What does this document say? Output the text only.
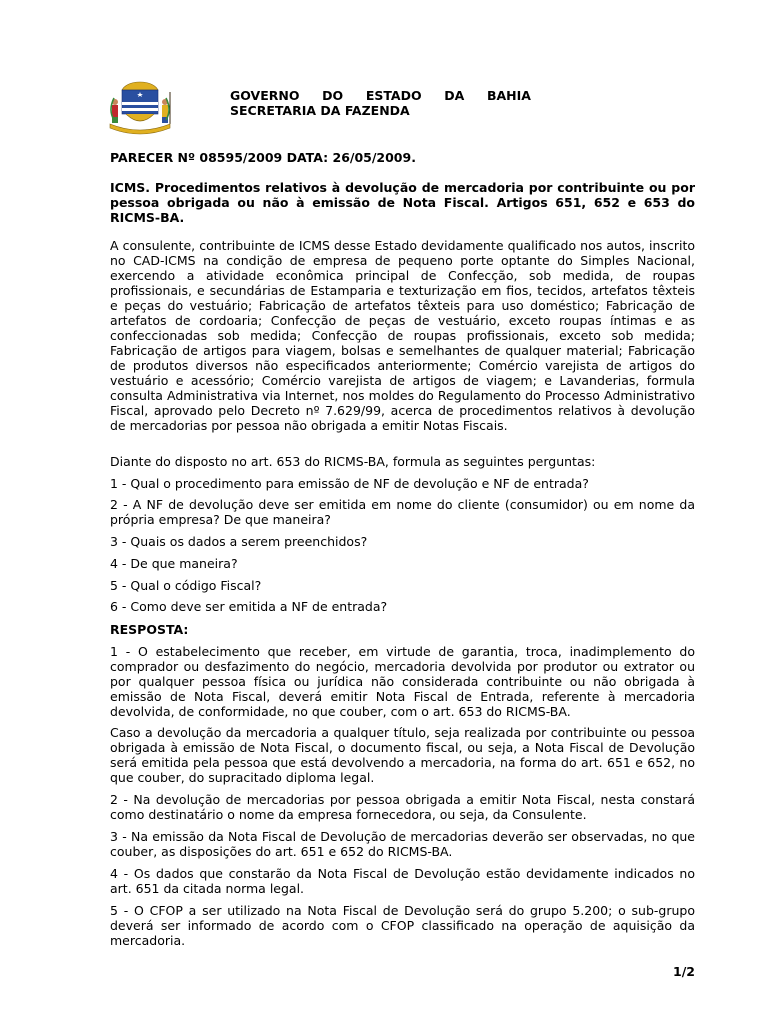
GOVERNO DO ESTADO DA BAHIA
SECRETARIA DA FAZENDA
PARECER Nº 08595/2009 DATA: 26/05/2009.
ICMS. Procedimentos relativos à devolução de mercadoria por contribuinte ou por pessoa obrigada ou não à emissão de Nota Fiscal. Artigos 651, 652 e 653 do RICMS-BA.
A consulente, contribuinte de ICMS desse Estado devidamente qualificado nos autos, inscrito no CAD-ICMS na condição de empresa de pequeno porte optante do Simples Nacional, exercendo a atividade econômica principal de Confecção, sob medida, de roupas profissionais, e secundárias de Estamparia e texturização em fios, tecidos, artefatos têxteis e peças do vestuário; Fabricação de artefatos têxteis para uso doméstico; Fabricação de artefatos de cordoaria; Confecção de peças de vestuário, exceto roupas íntimas e as confeccionadas sob medida; Confecção de roupas profissionais, exceto sob medida; Fabricação de artigos para viagem, bolsas e semelhantes de qualquer material; Fabricação de produtos diversos não especificados anteriormente; Comércio varejista de artigos do vestuário e acessório; Comércio varejista de artigos de viagem; e Lavanderias, formula consulta Administrativa via Internet, nos moldes do Regulamento do Processo Administrativo Fiscal, aprovado pelo Decreto nº 7.629/99, acerca de procedimentos relativos à devolução de mercadorias por pessoa não obrigada a emitir Notas Fiscais.
Diante do disposto no art. 653 do RICMS-BA, formula as seguintes perguntas:
1 - Qual o procedimento para emissão de NF de devolução e NF de entrada?
2 - A NF de devolução deve ser emitida em nome do cliente (consumidor) ou em nome da própria empresa? De que maneira?
3 - Quais os dados a serem preenchidos?
4 - De que maneira?
5 - Qual o código Fiscal?
6 - Como deve ser emitida a NF de entrada?
RESPOSTA:
1 - O estabelecimento que receber, em virtude de garantia, troca, inadimplemento do comprador ou desfazimento do negócio, mercadoria devolvida por produtor ou extrator ou por qualquer pessoa física ou jurídica não considerada contribuinte ou não obrigada à emissão de Nota Fiscal, deverá emitir Nota Fiscal de Entrada, referente à mercadoria devolvida, de conformidade, no que couber, com o art. 653 do RICMS-BA.
Caso a devolução da mercadoria a qualquer título, seja realizada por contribuinte ou pessoa obrigada à emissão de Nota Fiscal, o documento fiscal, ou seja, a Nota Fiscal de Devolução será emitida pela pessoa que está devolvendo a mercadoria, na forma do art. 651 e 652, no que couber, do supracitado diploma legal.
2 - Na devolução de mercadorias por pessoa obrigada a emitir Nota Fiscal, nesta constará como destinatário o nome da empresa fornecedora, ou seja, da Consulente.
3 - Na emissão da Nota Fiscal de Devolução de mercadorias deverão ser observadas, no que couber, as disposições do art. 651 e 652 do RICMS-BA.
4 - Os dados que constarão da Nota Fiscal de Devolução estão devidamente indicados no art. 651 da citada norma legal.
5 - O CFOP a ser utilizado na Nota Fiscal de Devolução será do grupo 5.200; o sub-grupo deverá ser informado de acordo com o CFOP classificado na operação de aquisição da mercadoria.
1/2
